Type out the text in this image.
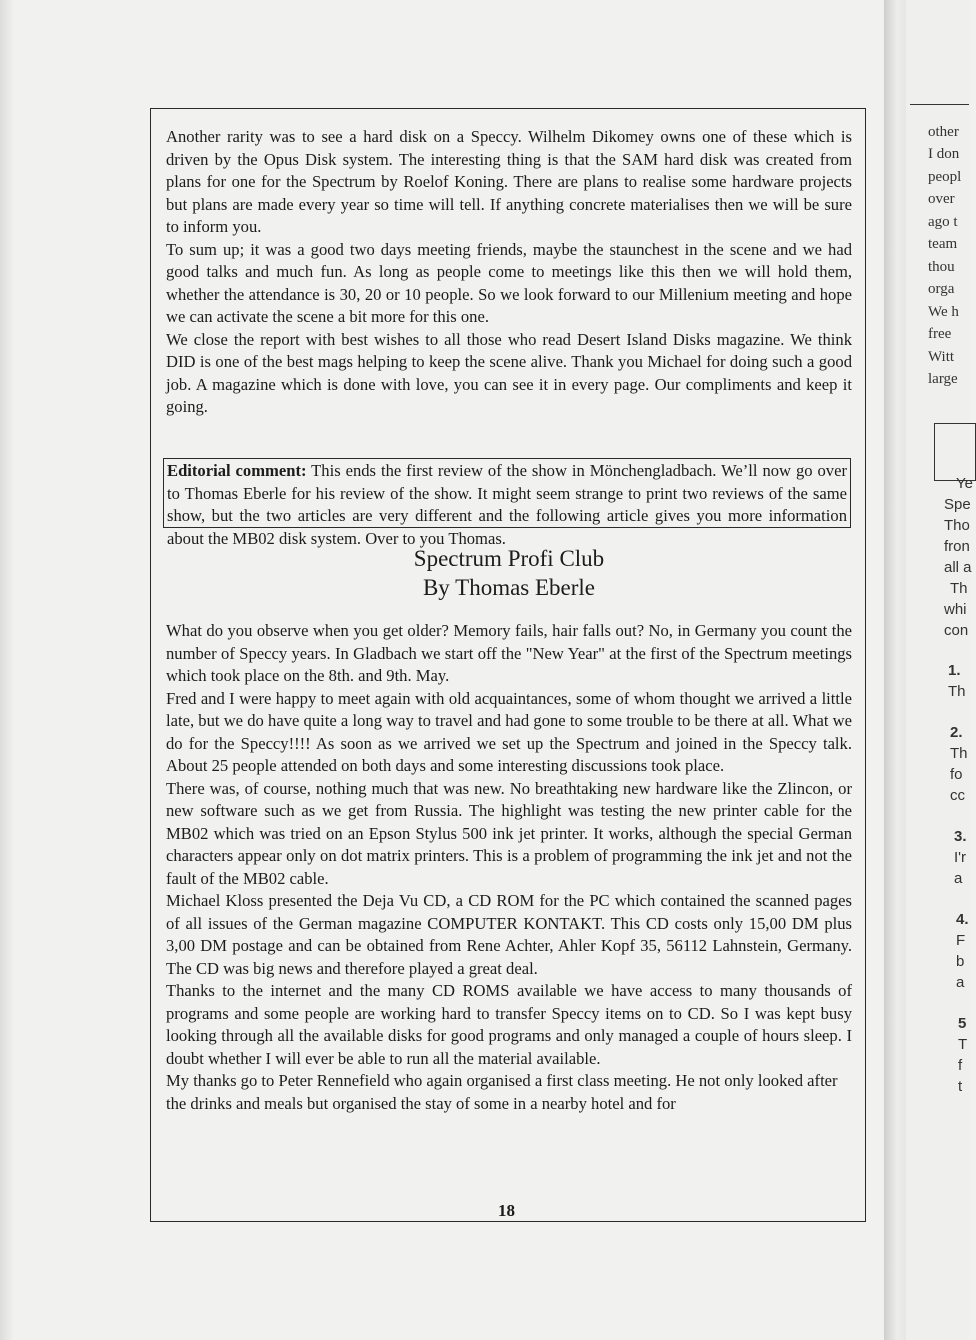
Another rarity was to see a hard disk on a Speccy. Wilhelm Dikomey owns one of these which is driven by the Opus Disk system. The interesting thing is that the SAM hard disk was created from plans for one for the Spectrum by Roelof Koning. There are plans to realise some hardware projects but plans are made every year so time will tell. If anything concrete materialises then we will be sure to inform you.

To sum up; it was a good two days meeting friends, maybe the staunchest in the scene and we had good talks and much fun. As long as people come to meetings like this then we will hold them, whether the attendance is 30, 20 or 10 people. So we look forward to our Millenium meeting and hope we can activate the scene a bit more for this one.

We close the report with best wishes to all those who read Desert Island Disks magazine. We think DID is one of the best mags helping to keep the scene alive. Thank you Michael for doing such a good job. A magazine which is done with love, you can see it in every page. Our compliments and keep it going.

Editorial comment: This ends the first review of the show in Mönchengladbach. We’ll now go over to Thomas Eberle for his review of the show. It might seem strange to print two reviews of the same show, but the two articles are very different and the following article gives you more information about the MB02 disk system. Over to you Thomas.
Spectrum Profi Club
By Thomas Eberle

What do you observe when you get older? Memory fails, hair falls out? No, in Germany you count the number of Speccy years. In Gladbach we start off the "New Year" at the first of the Spectrum meetings which took place on the 8th. and 9th. May.

Fred and I were happy to meet again with old acquaintances, some of whom thought we arrived a little late, but we do have quite a long way to travel and had gone to some trouble to be there at all. What we do for the Speccy!!!! As soon as we arrived we set up the Spectrum and joined in the Speccy talk. About 25 people attended on both days and some interesting discussions took place.

There was, of course, nothing much that was new. No breathtaking new hardware like the Zlincon, or new software such as we get from Russia. The highlight was testing the new printer cable for the MB02 which was tried on an Epson Stylus 500 ink jet printer. It works, although the special German characters appear only on dot matrix printers. This is a problem of programming the ink jet and not the fault of the MB02 cable.

Michael Kloss presented the Deja Vu CD, a CD ROM for the PC which contained the scanned pages of all issues of the German magazine COMPUTER KONTAKT. This CD costs only 15,00 DM plus 3,00 DM postage and can be obtained from Rene Achter, Ahler Kopf 35, 56112 Lahnstein, Germany. The CD was big news and therefore played a great deal.

Thanks to the internet and the many CD ROMS available we have access to many thousands of programs and some people are working hard to transfer Speccy items on to CD. So I was kept busy looking through all the available disks for good programs and only managed a couple of hours sleep. I doubt whether I will ever be able to run all the material available.

My thanks go to Peter Rennefield who again organised a first class meeting. He not only looked after the drinks and meals but organised the stay of some in a nearby hotel and for

18
other
I don
peopl
over
ago t
team
thou
orga
We h
free
Witt
large
Ye
Spe
Tho
fron
all a
Th
whi
con
1.
Th
2.
Th
fo
cc
3.
I'r
a
4.
F
b
a
5
T
f
t
